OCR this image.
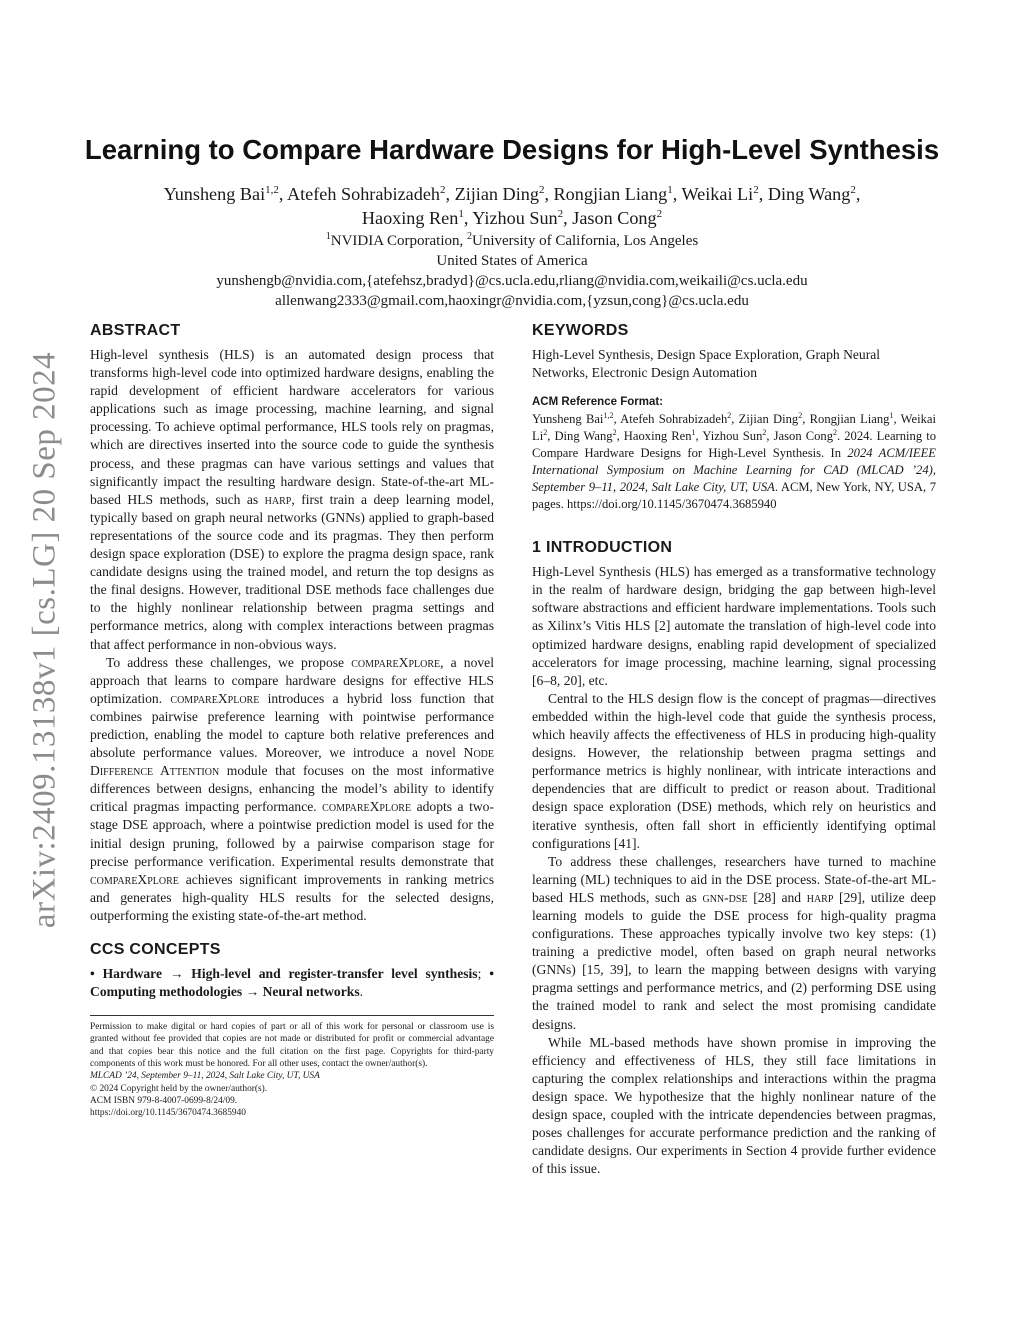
arXiv:2409.13138v1 [cs.LG] 20 Sep 2024
Learning to Compare Hardware Designs for High-Level Synthesis
Yunsheng Bai$^{1,2}$, Atefeh Sohrabizadeh$^2$, Zijian Ding$^2$, Rongjian Liang$^1$, Weikai Li$^2$, Ding Wang$^2$,
Haoxing Ren$^1$, Yizhou Sun$^2$, Jason Cong$^2$
$^1$NVIDIA Corporation, $^2$University of California, Los Angeles
United States of America
yunshengb@nvidia.com,{atefehsz,bradyd}@cs.ucla.edu,rliang@nvidia.com,weikaili@cs.ucla.edu
allenwang2333@gmail.com,haoxingr@nvidia.com,{yzsun,cong}@cs.ucla.edu
ABSTRACT

High-level synthesis (HLS) is an automated design process that transforms high-level code into optimized hardware designs, enabling the rapid development of efficient hardware accelerators for various applications such as image processing, machine learning, and signal processing. To achieve optimal performance, HLS tools rely on pragmas, which are directives inserted into the source code to guide the synthesis process, and these pragmas can have various settings and values that significantly impact the resulting hardware design. State-of-the-art ML-based HLS methods, such as harp, first train a deep learning model, typically based on graph neural networks (GNNs) applied to graph-based representations of the source code and its pragmas. They then perform design space exploration (DSE) to explore the pragma design space, rank candidate designs using the trained model, and return the top designs as the final designs. However, traditional DSE methods face challenges due to the highly nonlinear relationship between pragma settings and performance metrics, along with complex interactions between pragmas that affect performance in non-obvious ways.

To address these challenges, we propose compareXplore, a novel approach that learns to compare hardware designs for effective HLS optimization. compareXplore introduces a hybrid loss function that combines pairwise preference learning with pointwise performance prediction, enabling the model to capture both relative preferences and absolute performance values. Moreover, we introduce a novel Node Difference Attention module that focuses on the most informative differences between designs, enhancing the model’s ability to identify critical pragmas impacting performance. compareXplore adopts a two-stage DSE approach, where a pointwise prediction model is used for the initial design pruning, followed by a pairwise comparison stage for precise performance verification. Experimental results demonstrate that compareXplore achieves significant improvements in ranking metrics and generates high-quality HLS results for the selected designs, outperforming the existing state-of-the-art method.

CCS CONCEPTS

• Hardware → High-level and register-transfer level synthesis; • Computing methodologies → Neural networks.

Permission to make digital or hard copies of part or all of this work for personal or classroom use is granted without fee provided that copies are not made or distributed for profit or commercial advantage and that copies bear this notice and the full citation on the first page. Copyrights for third-party components of this work must be honored. For all other uses, contact the owner/author(s).
MLCAD ’24, September 9–11, 2024, Salt Lake City, UT, USA
© 2024 Copyright held by the owner/author(s).
ACM ISBN 979-8-4007-0699-8/24/09.
https://doi.org/10.1145/3670474.3685940
KEYWORDS

High-Level Synthesis, Design Space Exploration, Graph Neural Networks, Electronic Design Automation

ACM Reference Format:

Yunsheng Bai$^{1,2}$, Atefeh Sohrabizadeh$^2$, Zijian Ding$^2$, Rongjian Liang$^1$, Weikai Li$^2$, Ding Wang$^2$, Haoxing Ren$^1$, Yizhou Sun$^2$, Jason Cong$^2$. 2024. Learning to Compare Hardware Designs for High-Level Synthesis. In 2024 ACM/IEEE International Symposium on Machine Learning for CAD (MLCAD ’24), September 9–11, 2024, Salt Lake City, UT, USA. ACM, New York, NY, USA, 7 pages. https://doi.org/10.1145/3670474.3685940

1 INTRODUCTION

High-Level Synthesis (HLS) has emerged as a transformative technology in the realm of hardware design, bridging the gap between high-level software abstractions and efficient hardware implementations. Tools such as Xilinx’s Vitis HLS [2] automate the translation of high-level code into optimized hardware designs, enabling rapid development of specialized accelerators for image processing, machine learning, signal processing [6–8, 20], etc.

Central to the HLS design flow is the concept of pragmas—directives embedded within the high-level code that guide the synthesis process, which heavily affects the effectiveness of HLS in producing high-quality designs. However, the relationship between pragma settings and performance metrics is highly nonlinear, with intricate interactions and dependencies that are difficult to predict or reason about. Traditional design space exploration (DSE) methods, which rely on heuristics and iterative synthesis, often fall short in efficiently identifying optimal configurations [41].

To address these challenges, researchers have turned to machine learning (ML) techniques to aid in the DSE process. State-of-the-art ML-based HLS methods, such as gnn-dse [28] and harp [29], utilize deep learning models to guide the DSE process for high-quality pragma configurations. These approaches typically involve two key steps: (1) training a predictive model, often based on graph neural networks (GNNs) [15, 39], to learn the mapping between designs with varying pragma settings and performance metrics, and (2) performing DSE using the trained model to rank and select the most promising candidate designs.

While ML-based methods have shown promise in improving the efficiency and effectiveness of HLS, they still face limitations in capturing the complex relationships and interactions within the pragma design space. We hypothesize that the highly nonlinear nature of the design space, coupled with the intricate dependencies between pragmas, poses challenges for accurate performance prediction and the ranking of candidate designs. Our experiments in Section 4 provide further evidence of this issue.
